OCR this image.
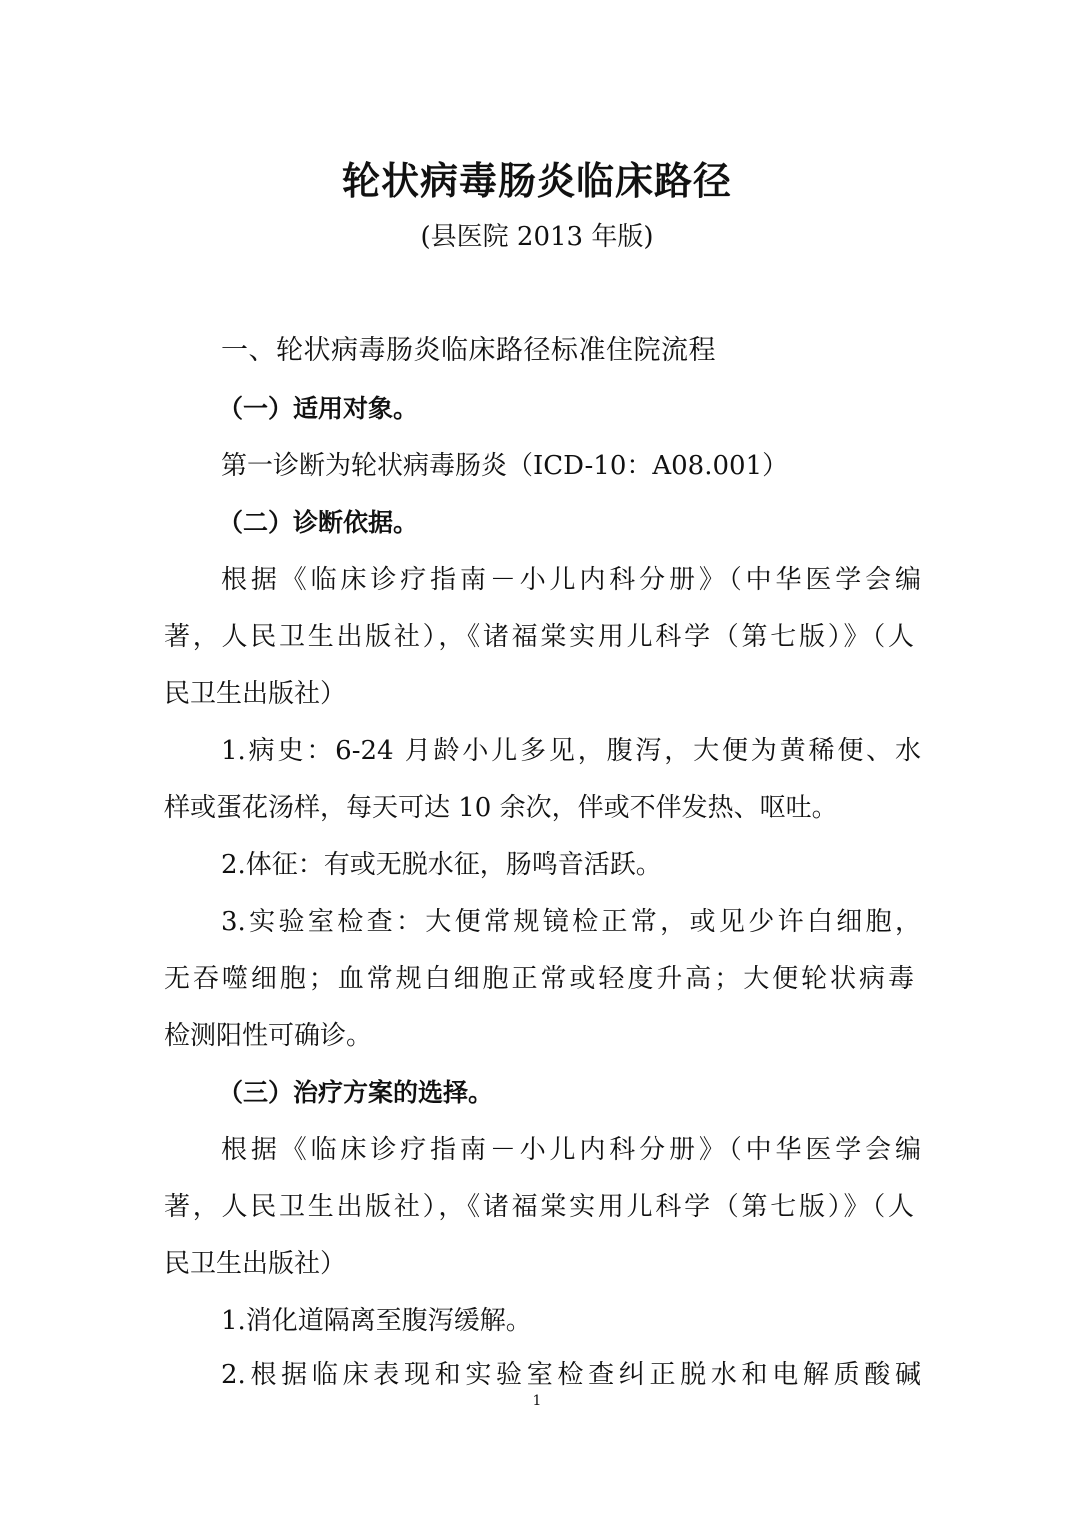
轮状病毒肠炎临床路径
(县医院 2013 年版)
一、轮状病毒肠炎临床路径标准住院流程
（一）适用对象。
第一诊断为轮状病毒肠炎（ICD-10：A08.001）
（二）诊断依据。
根据《临床诊疗指南－小儿内科分册》（中华医学会编
著，人民卫生出版社），《诸福棠实用儿科学（第七版）》（人
民卫生出版社）
1.病史：6-24 月龄小儿多见，腹泻，大便为黄稀便、水
样或蛋花汤样，每天可达 10 余次，伴或不伴发热、呕吐。
2.体征：有或无脱水征，肠鸣音活跃。
3.实验室检查：大便常规镜检正常，或见少许白细胞，
无吞噬细胞；血常规白细胞正常或轻度升高；大便轮状病毒
检测阳性可确诊。
（三）治疗方案的选择。
根据《临床诊疗指南－小儿内科分册》（中华医学会编
著，人民卫生出版社），《诸福棠实用儿科学（第七版）》（人
民卫生出版社）
1.消化道隔离至腹泻缓解。
2.根据临床表现和实验室检查纠正脱水和电解质酸碱
1
